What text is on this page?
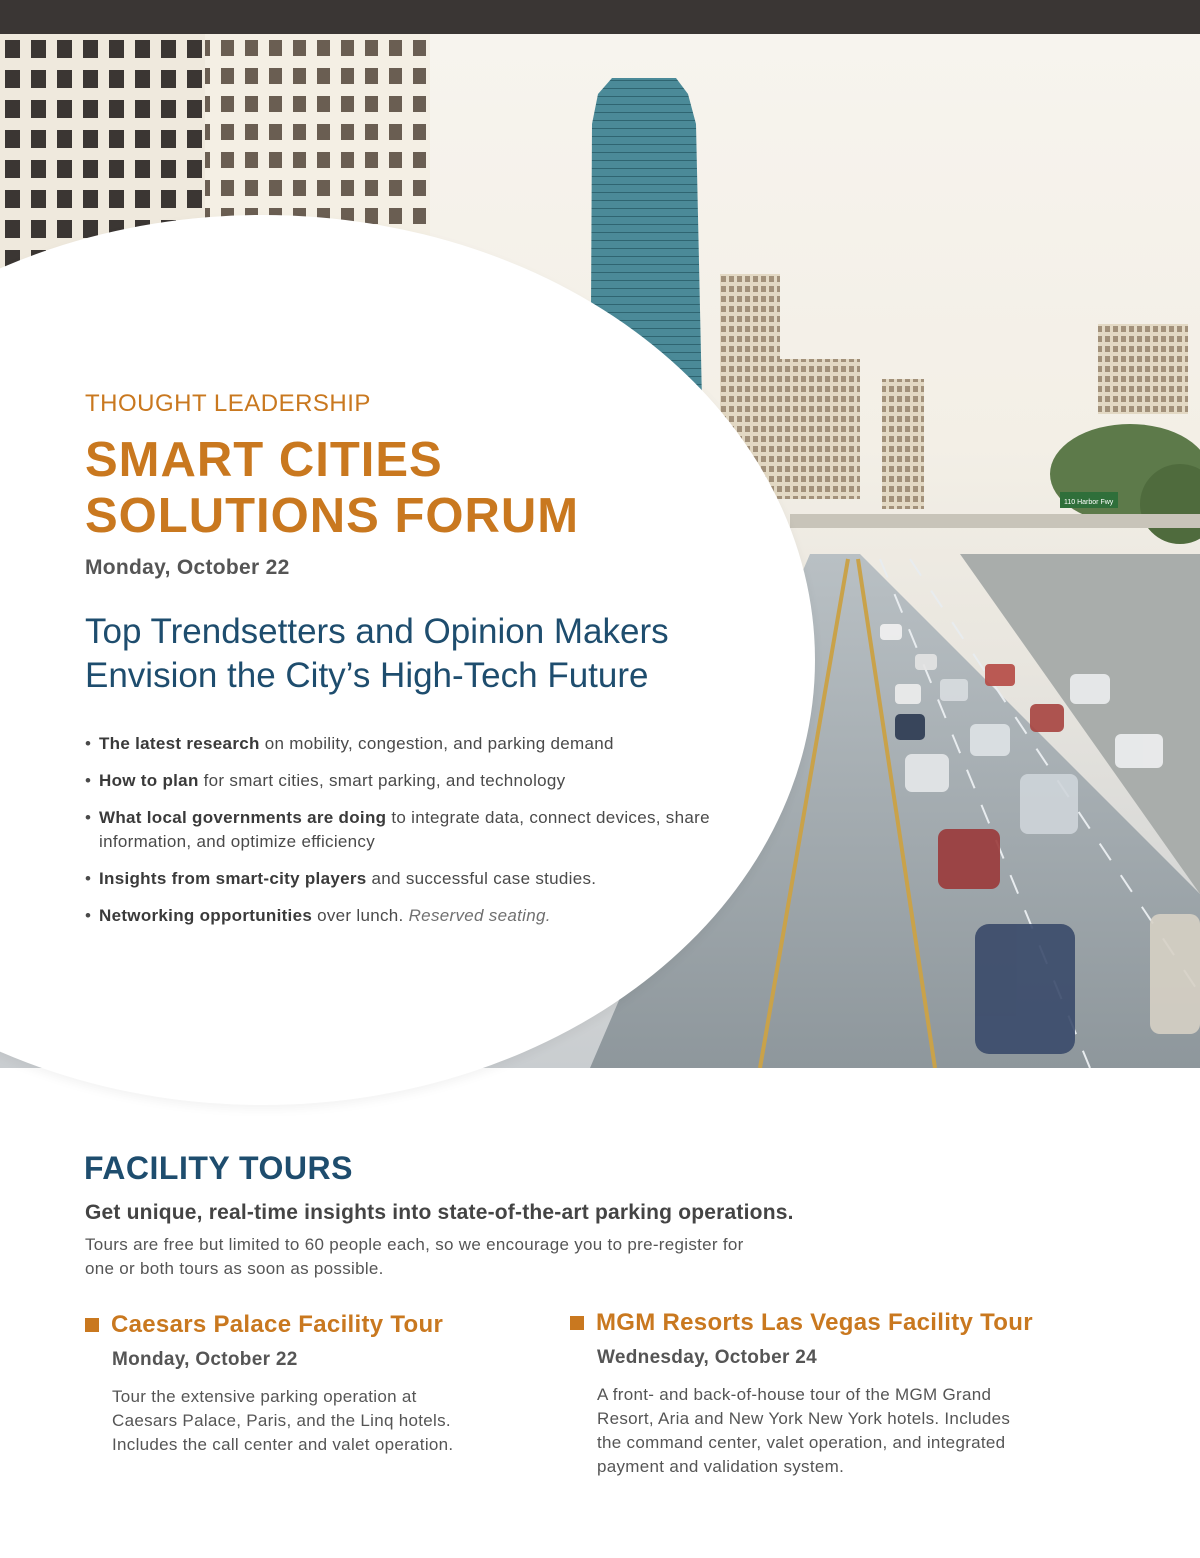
110 Harbor Fwy
THOUGHT LEADERSHIP
SMART CITIES
SOLUTIONS FORUM
Monday, October 22
Top Trendsetters and Opinion Makers
Envision the City’s High-Tech Future
• The latest research on mobility, congestion, and parking demand
• How to plan for smart cities, smart parking, and technology
• What local governments are doing to integrate data, connect devices, share information, and optimize efficiency
• Insights from smart-city players and successful case studies.
• Networking opportunities over lunch. Reserved seating.
FACILITY TOURS
Get unique, real-time insights into state-of-the-art parking operations.
Tours are free but limited to 60 people each, so we encourage you to pre-register for
one or both tours as soon as possible.
Caesars Palace Facility Tour
Monday, October 22
Tour the extensive parking operation at
Caesars Palace, Paris, and the Linq hotels.
Includes the call center and valet operation.
MGM Resorts Las Vegas Facility Tour
Wednesday, October 24
A front- and back-of-house tour of the MGM Grand
Resort, Aria and New York New York hotels. Includes
the command center, valet operation, and integrated
payment and validation system.
